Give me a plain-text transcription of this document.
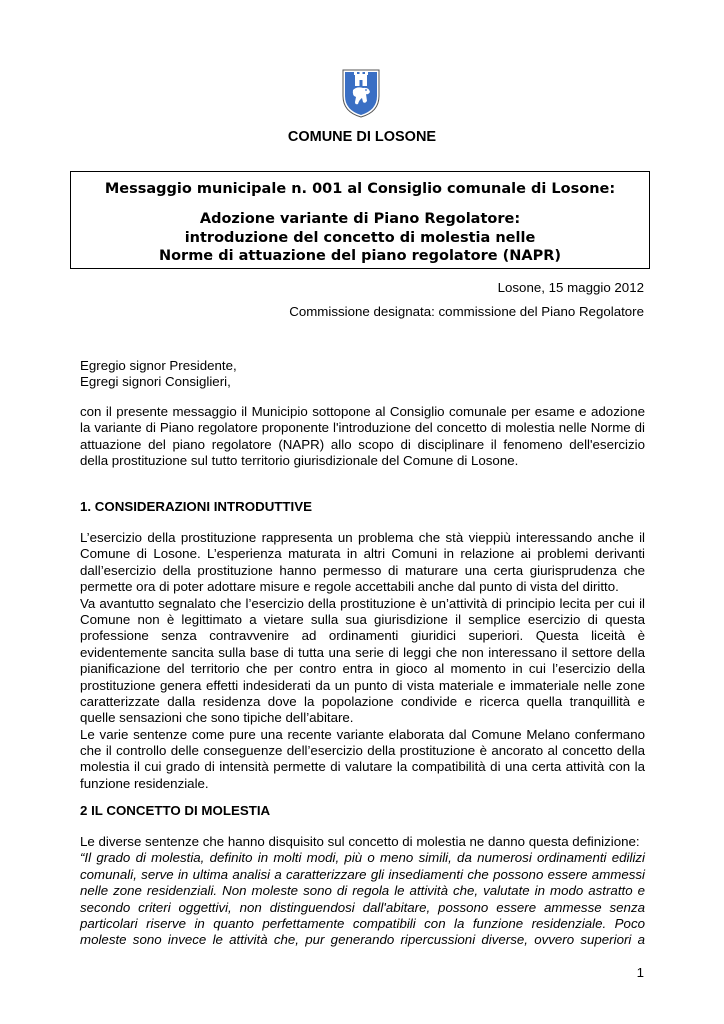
COMUNE DI LOSONE
Messaggio municipale n. 001 al Consiglio comunale di Losone:
Adozione variante di Piano Regolatore:
introduzione del concetto di molestia nelle
Norme di attuazione del piano regolatore (NAPR)
Losone, 15 maggio 2012
Commissione designata: commissione del Piano Regolatore
Egregio signor Presidente,
Egregi signori Consiglieri,
con il presente messaggio il Municipio sottopone al Consiglio comunale per esame e adozione
la variante di Piano regolatore proponente l'introduzione del concetto di molestia nelle Norme di
attuazione del piano regolatore (NAPR) allo scopo di disciplinare il fenomeno dell'esercizio
della prostituzione sul tutto territorio giurisdizionale del Comune di Losone.
1. CONSIDERAZIONI INTRODUTTIVE
L’esercizio della prostituzione rappresenta un problema che stà vieppiù interessando anche il
Comune di Losone. L’esperienza maturata in altri Comuni in relazione ai problemi derivanti
dall’esercizio della prostituzione hanno permesso di maturare una certa giurisprudenza che
permette ora di poter adottare misure e regole accettabili anche dal punto di vista del diritto.
Va avantutto segnalato che l’esercizio della prostituzione è un’attività di principio lecita per cui il
Comune non è legittimato a vietare sulla sua giurisdizione il semplice esercizio di questa
professione senza contravvenire ad ordinamenti giuridici superiori. Questa liceità è
evidentemente sancita sulla base di tutta una serie di leggi che non interessano il settore della
pianificazione del territorio che per contro entra in gioco al momento in cui l’esercizio della
prostituzione genera effetti indesiderati da un punto di vista materiale e immateriale nelle zone
caratterizzate dalla residenza dove la popolazione condivide e ricerca quella tranquillità e
quelle sensazioni che sono tipiche dell’abitare.
Le varie sentenze come pure una recente variante elaborata dal Comune Melano confermano
che il controllo delle conseguenze dell’esercizio della prostituzione è ancorato al concetto della
molestia il cui grado di intensità permette di valutare la compatibilità di una certa attività con la
funzione residenziale.
2 IL CONCETTO DI MOLESTIA
Le diverse sentenze che hanno disquisito sul concetto di molestia ne danno questa definizione:
“Il grado di molestia, definito in molti modi, più o meno simili, da numerosi ordinamenti edilizi
comunali, serve in ultima analisi a caratterizzare gli insediamenti che possono essere ammessi
nelle zone residenziali. Non moleste sono di regola le attività che, valutate in modo astratto e
secondo criteri oggettivi, non distinguendosi dall'abitare, possono essere ammesse senza
particolari riserve in quanto perfettamente compatibili con la funzione residenziale. Poco
moleste sono invece le attività che, pur generando ripercussioni diverse, ovvero superiori a
1
